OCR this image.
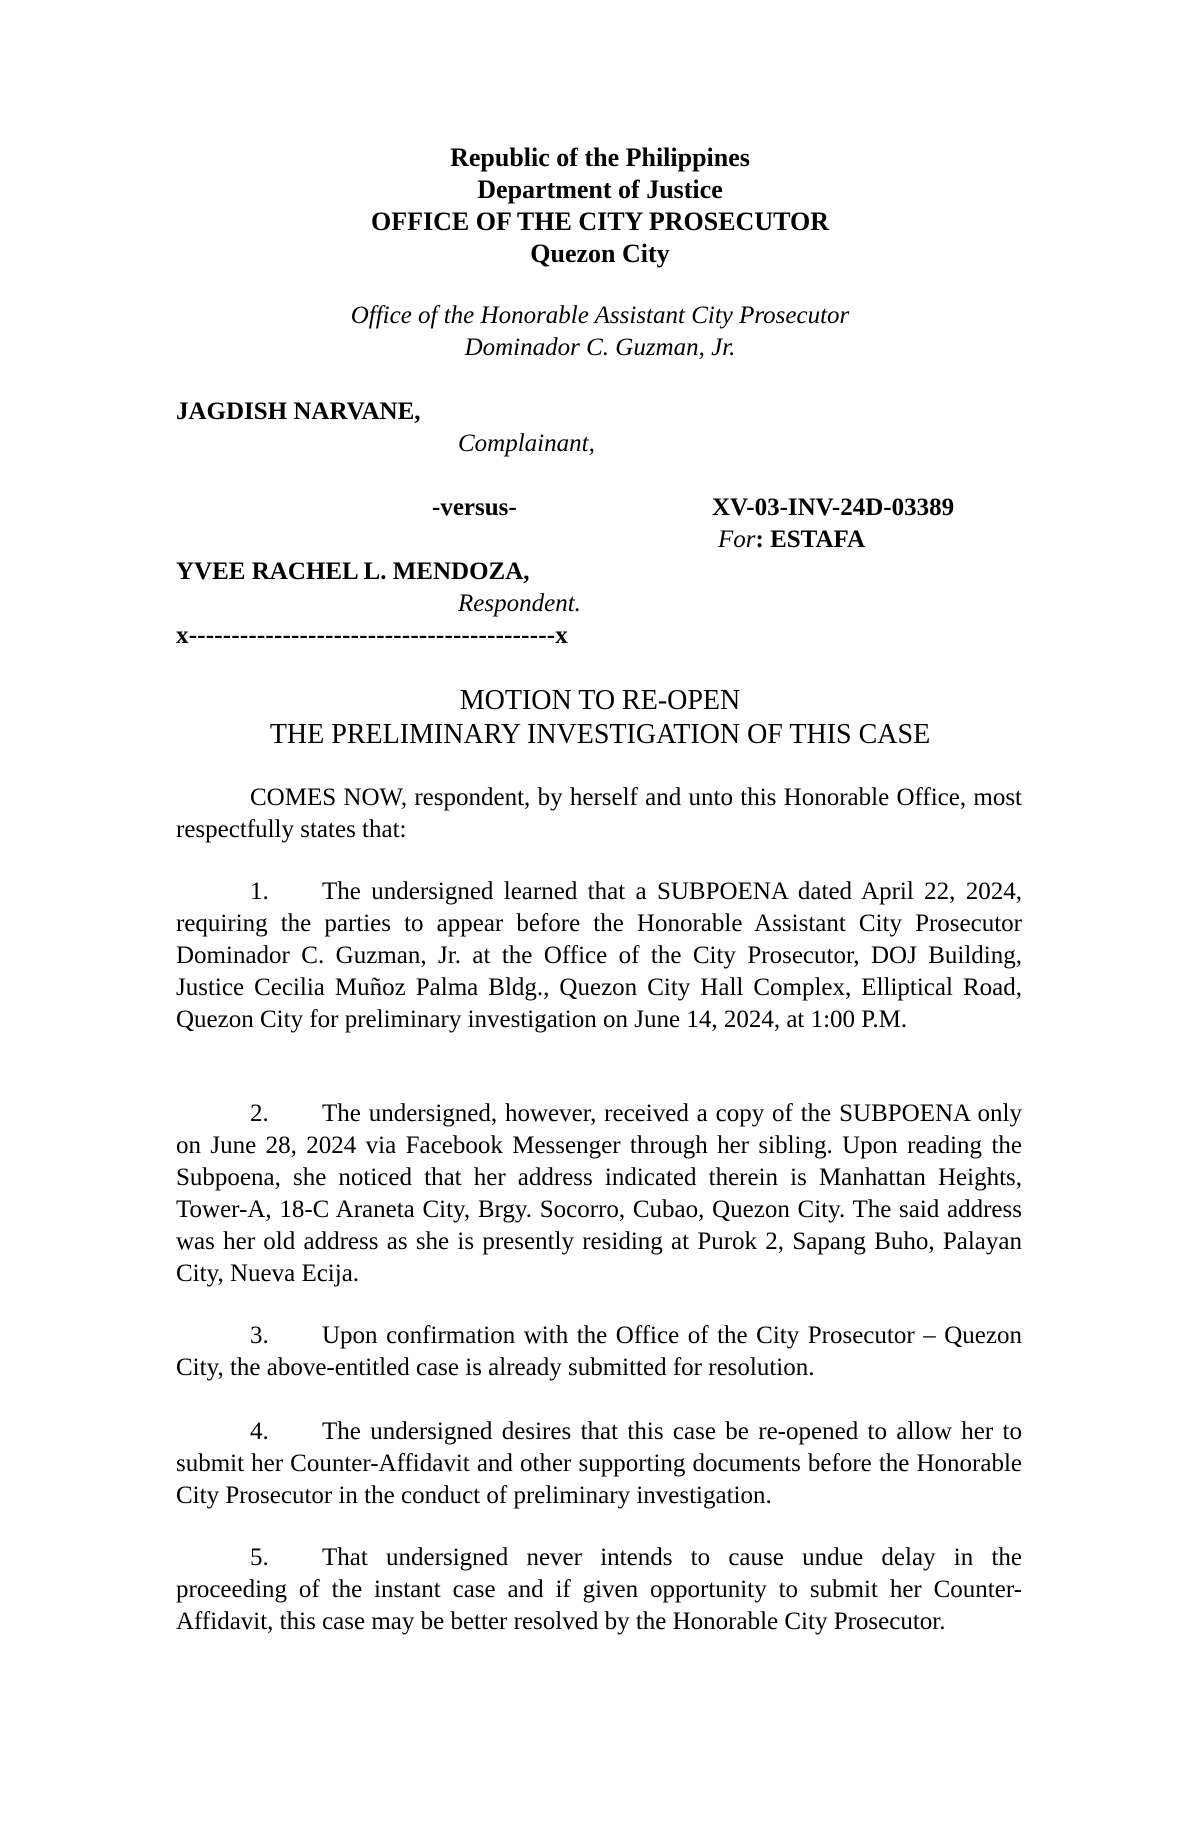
Republic of the Philippines
Department of Justice
OFFICE OF THE CITY PROSECUTOR
Quezon City
Office of the Honorable Assistant City Prosecutor
Dominador C. Guzman, Jr.
JAGDISH NARVANE,
Complainant,
-versus-	XV-03-INV-24D-03389
For: ESTAFA
YVEE RACHEL L. MENDOZA,
Respondent.
x-------------------------------------------x
MOTION TO RE-OPEN
THE PRELIMINARY INVESTIGATION OF THIS CASE
COMES NOW, respondent, by herself and unto this Honorable Office, most respectfully states that:
1. The undersigned learned that a SUBPOENA dated April 22, 2024, requiring the parties to appear before the Honorable Assistant City Prosecutor Dominador C. Guzman, Jr. at the Office of the City Prosecutor, DOJ Building, Justice Cecilia Muñoz Palma Bldg., Quezon City Hall Complex, Elliptical Road, Quezon City for preliminary investigation on June 14, 2024, at 1:00 P.M.
2. The undersigned, however, received a copy of the SUBPOENA only on June 28, 2024 via Facebook Messenger through her sibling. Upon reading the Subpoena, she noticed that her address indicated therein is Manhattan Heights, Tower-A, 18-C Araneta City, Brgy. Socorro, Cubao, Quezon City. The said address was her old address as she is presently residing at Purok 2, Sapang Buho, Palayan City, Nueva Ecija.
3. Upon confirmation with the Office of the City Prosecutor – Quezon City, the above-entitled case is already submitted for resolution.
4. The undersigned desires that this case be re-opened to allow her to submit her Counter-Affidavit and other supporting documents before the Honorable City Prosecutor in the conduct of preliminary investigation.
5. That undersigned never intends to cause undue delay in the proceeding of the instant case and if given opportunity to submit her Counter-Affidavit, this case may be better resolved by the Honorable City Prosecutor.
